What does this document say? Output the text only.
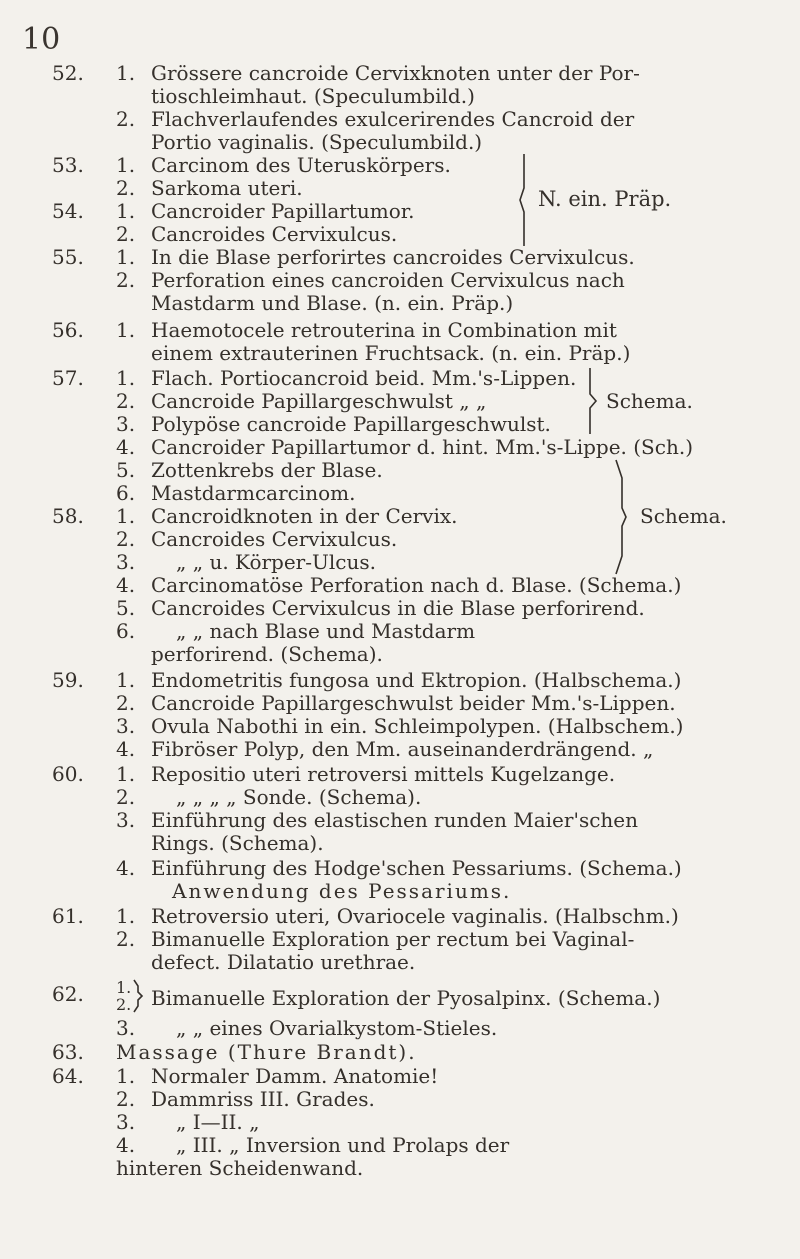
10
52. 1. Grössere cancroide Cervixknoten unter der Por-
tioschleimhaut. (Speculumbild.)
2. Flachverlaufendes exulcerirendes Cancroid der
Portio vaginalis. (Speculumbild.)
53. 1. Carcinom des Uteruskörpers.
2. Sarkoma uteri.
54. 1. Cancroider Papillartumor.
2. Cancroides Cervixulcus.
N. ein. Präp.
55. 1. In die Blase perforirtes cancroides Cervixulcus.
2. Perforation eines cancroiden Cervixulcus nach
Mastdarm und Blase. (n. ein. Präp.)
56. 1. Haemotocele retrouterina in Combination mit
einem extrauterinen Fruchtsack. (n. ein. Präp.)
57. 1. Flach. Portiocancroid beid. Mm.'s-Lippen.
2. Cancroide Papillargeschwulst „ „
3. Polypöse cancroide Papillargeschwulst.
Schema.
4. Cancroider Papillartumor d. hint. Mm.'s-Lippe. (Sch.)
5. Zottenkrebs der Blase.
6. Mastdarmcarcinom.
58. 1. Cancroidknoten in der Cervix.
2. Cancroides Cervixulcus.
3. „ „ u. Körper-Ulcus.
Schema.
4. Carcinomatöse Perforation nach d. Blase. (Schema.)
5. Cancroides Cervixulcus in die Blase perforirend.
6. „ „ nach Blase und Mastdarm
perforirend. (Schema).
59. 1. Endometritis fungosa und Ektropion. (Halbschema.)
2. Cancroide Papillargeschwulst beider Mm.'s-Lippen.
3. Ovula Nabothi in ein. Schleimpolypen. (Halbschem.)
4. Fibröser Polyp, den Mm. auseinanderdrängend. „
60. 1. Repositio uteri retroversi mittels Kugelzange.
2. „ „ „ „ Sonde. (Schema).
3. Einführung des elastischen runden Maier'schen
Rings. (Schema).
4. Einführung des Hodge'schen Pessariums. (Schema.)
Anwendung des Pessariums.
61. 1. Retroversio uteri, Ovariocele vaginalis. (Halbschm.)
2. Bimanuelle Exploration per rectum bei Vaginal-
defect. Dilatatio urethrae.
62. 1.
2. Bimanuelle Exploration der Pyosalpinx. (Schema.)
3. „ „ eines Ovarialkystom-Stieles.
63. Massage (Thure Brandt).
64. 1. Normaler Damm. Anatomie!
2. Dammriss III. Grades.
3. „ I—II. „
4. „ III. „ Inversion und Prolaps der
hinteren Scheidenwand.
